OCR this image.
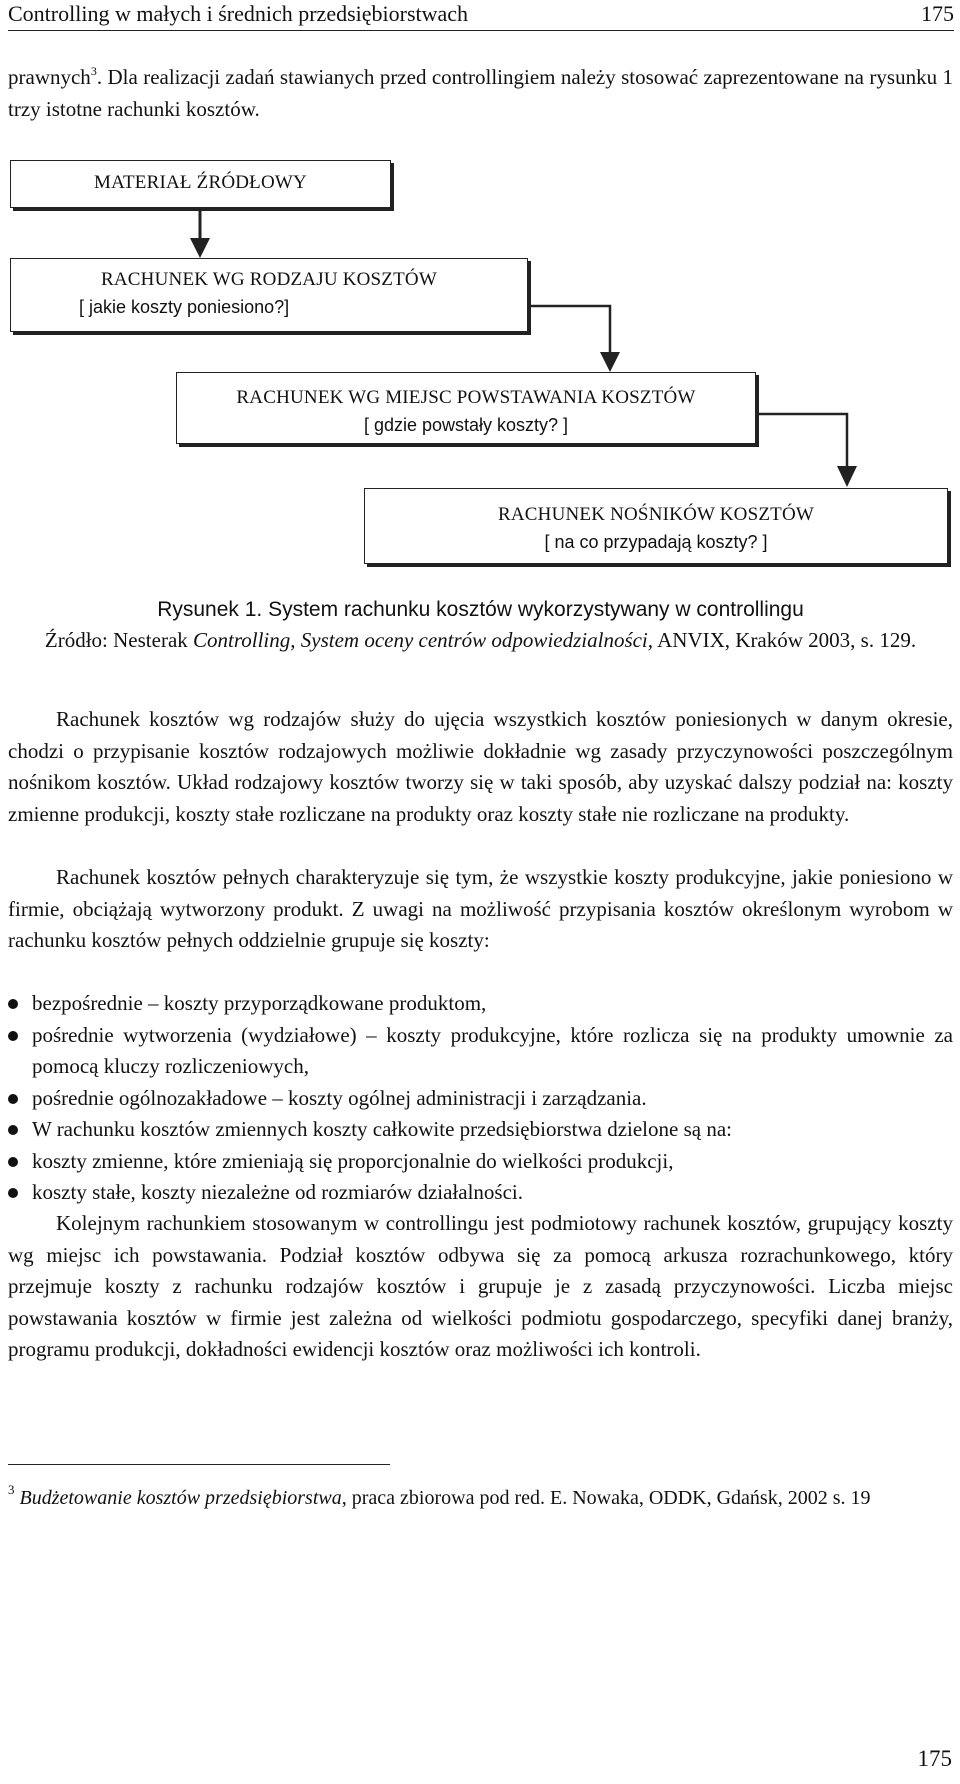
Controlling w małych i średnich przedsiębiorstwach	175

prawnych$^3$. Dla realizacji zadań stawianych przed controllingiem należy stosować zaprezentowane na rysunku 1 trzy istotne rachunki kosztów.

MATERIAŁ ŹRÓDŁOWY
RACHUNEK WG RODZAJU KOSZTÓW
[ jakie koszty poniesiono?]
RACHUNEK WG MIEJSC POWSTAWANIA KOSZTÓW
[ gdzie powstały koszty? ]
RACHUNEK NOŚNIKÓW KOSZTÓW
[ na co przypadają koszty? ]
Rysunek 1. System rachunku kosztów wykorzystywany w controllingu
Źródło: Nesterak Controlling, System oceny centrów odpowiedzialności, ANVIX, Kraków 2003, s. 129.

Rachunek kosztów wg rodzajów służy do ujęcia wszystkich kosztów poniesionych w danym okresie, chodzi o przypisanie kosztów rodzajowych możliwie dokładnie wg zasady przyczynowości poszczególnym nośnikom kosztów. Układ rodzajowy kosztów tworzy się w taki sposób, aby uzyskać dalszy podział na: koszty zmienne produkcji, koszty stałe rozliczane na produkty oraz koszty stałe nie rozliczane na produkty.

Rachunek kosztów pełnych charakteryzuje się tym, że wszystkie koszty produkcyjne, jakie poniesiono w firmie, obciążają wytworzony produkt. Z uwagi na możliwość przypisania kosztów określonym wyrobom w rachunku kosztów pełnych oddzielnie grupuje się koszty:

bezpośrednie – koszty przyporządkowane produktom,
pośrednie wytworzenia (wydziałowe) – koszty produkcyjne, które rozlicza się na produkty umownie za pomocą kluczy rozliczeniowych,
pośrednie ogólnozakładowe – koszty ogólnej administracji i zarządzania.
W rachunku kosztów zmiennych koszty całkowite przedsiębiorstwa dzielone są na:
koszty zmienne, które zmieniają się proporcjonalnie do wielkości produkcji,
koszty stałe, koszty niezależne od rozmiarów działalności.

Kolejnym rachunkiem stosowanym w controllingu jest podmiotowy rachunek kosztów, grupujący koszty wg miejsc ich powstawania. Podział kosztów odbywa się za pomocą arkusza rozrachunkowego, który przejmuje koszty z rachunku rodzajów kosztów i grupuje je z zasadą przyczynowości. Liczba miejsc powstawania kosztów w firmie jest zależna od wielkości podmiotu gospodarczego, specyfiki danej branży, programu produkcji, dokładności ewidencji kosztów oraz możliwości ich kontroli.

$^3$ Budżetowanie kosztów przedsiębiorstwa, praca zbiorowa pod red. E. Nowaka, ODDK, Gdańsk, 2002 s. 19
175
